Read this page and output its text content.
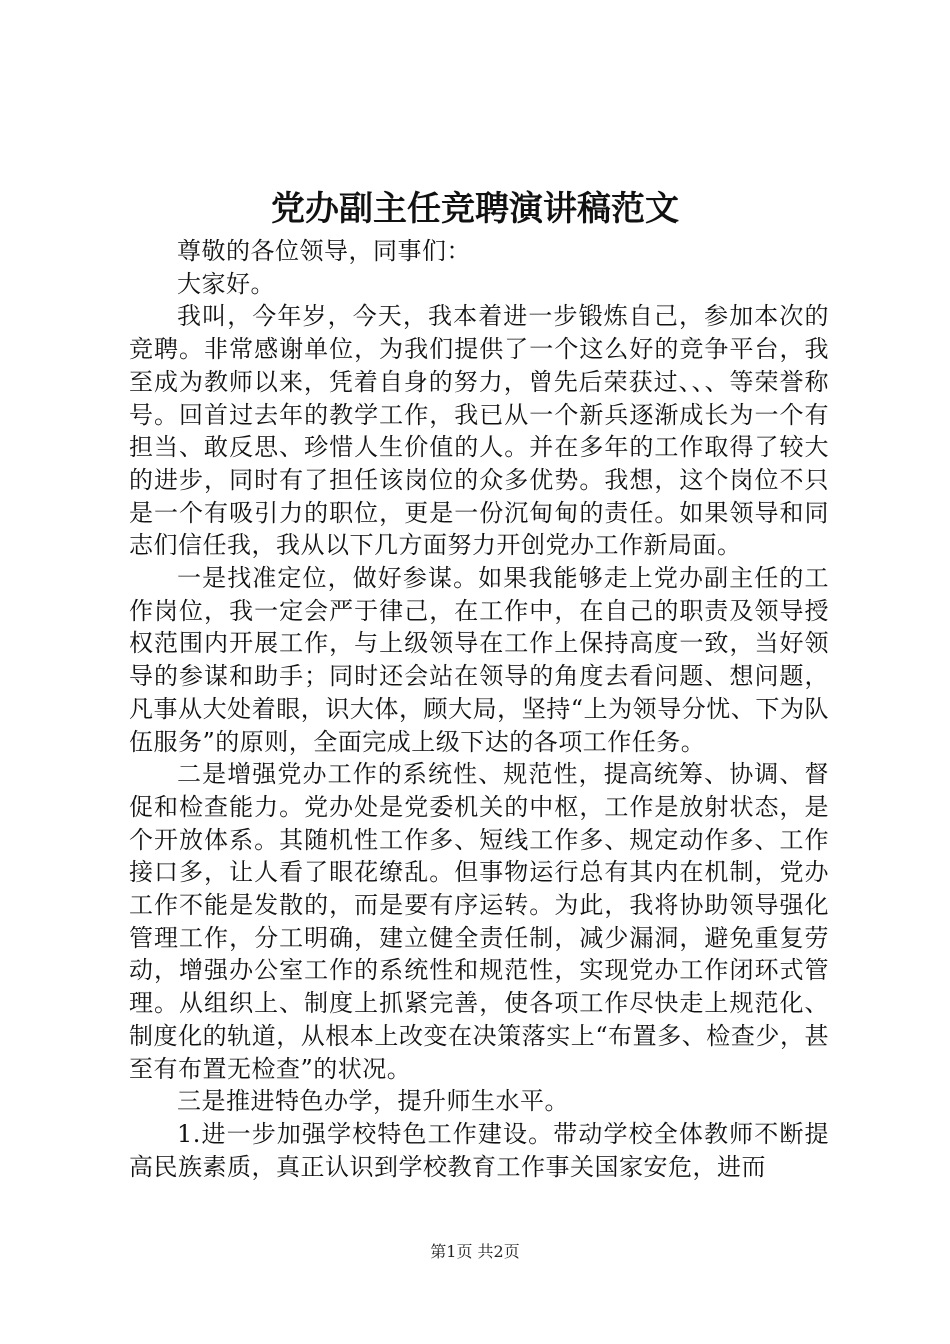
党办副主任竞聘演讲稿范文

尊敬的各位领导，同事们：

大家好。

我叫，今年岁，今天，我本着进一步锻炼自己，参加本次的竞聘。非常感谢单位，为我们提供了一个这么好的竞争平台，我至成为教师以来，凭着自身的努力，曾先后荣获过、、、等荣誉称号。回首过去年的教学工作，我已从一个新兵逐渐成长为一个有担当、敢反思、珍惜人生价值的人。并在多年的工作取得了较大的进步，同时有了担任该岗位的众多优势。我想，这个岗位不只是一个有吸引力的职位，更是一份沉甸甸的责任。如果领导和同志们信任我，我从以下几方面努力开创党办工作新局面。

一是找准定位，做好参谋。如果我能够走上党办副主任的工作岗位，我一定会严于律己，在工作中，在自己的职责及领导授权范围内开展工作，与上级领导在工作上保持高度一致，当好领导的参谋和助手；同时还会站在领导的角度去看问题、想问题，凡事从大处着眼，识大体，顾大局，坚持“上为领导分忧、下为队伍服务”的原则，全面完成上级下达的各项工作任务。

二是增强党办工作的系统性、规范性，提高统筹、协调、督促和检查能力。党办处是党委机关的中枢，工作是放射状态，是个开放体系。其随机性工作多、短线工作多、规定动作多、工作接口多，让人看了眼花缭乱。但事物运行总有其内在机制，党办工作不能是发散的，而是要有序运转。为此，我将协助领导强化管理工作，分工明确，建立健全责任制，减少漏洞，避免重复劳动，增强办公室工作的系统性和规范性，实现党办工作闭环式管理。从组织上、制度上抓紧完善，使各项工作尽快走上规范化、制度化的轨道，从根本上改变在决策落实上“布置多、检查少，甚至有布置无检查”的状况。

三是推进特色办学，提升师生水平。

1.进一步加强学校特色工作建设。带动学校全体教师不断提高民族素质，真正认识到学校教育工作事关国家安危，进而

第1页 共2页
